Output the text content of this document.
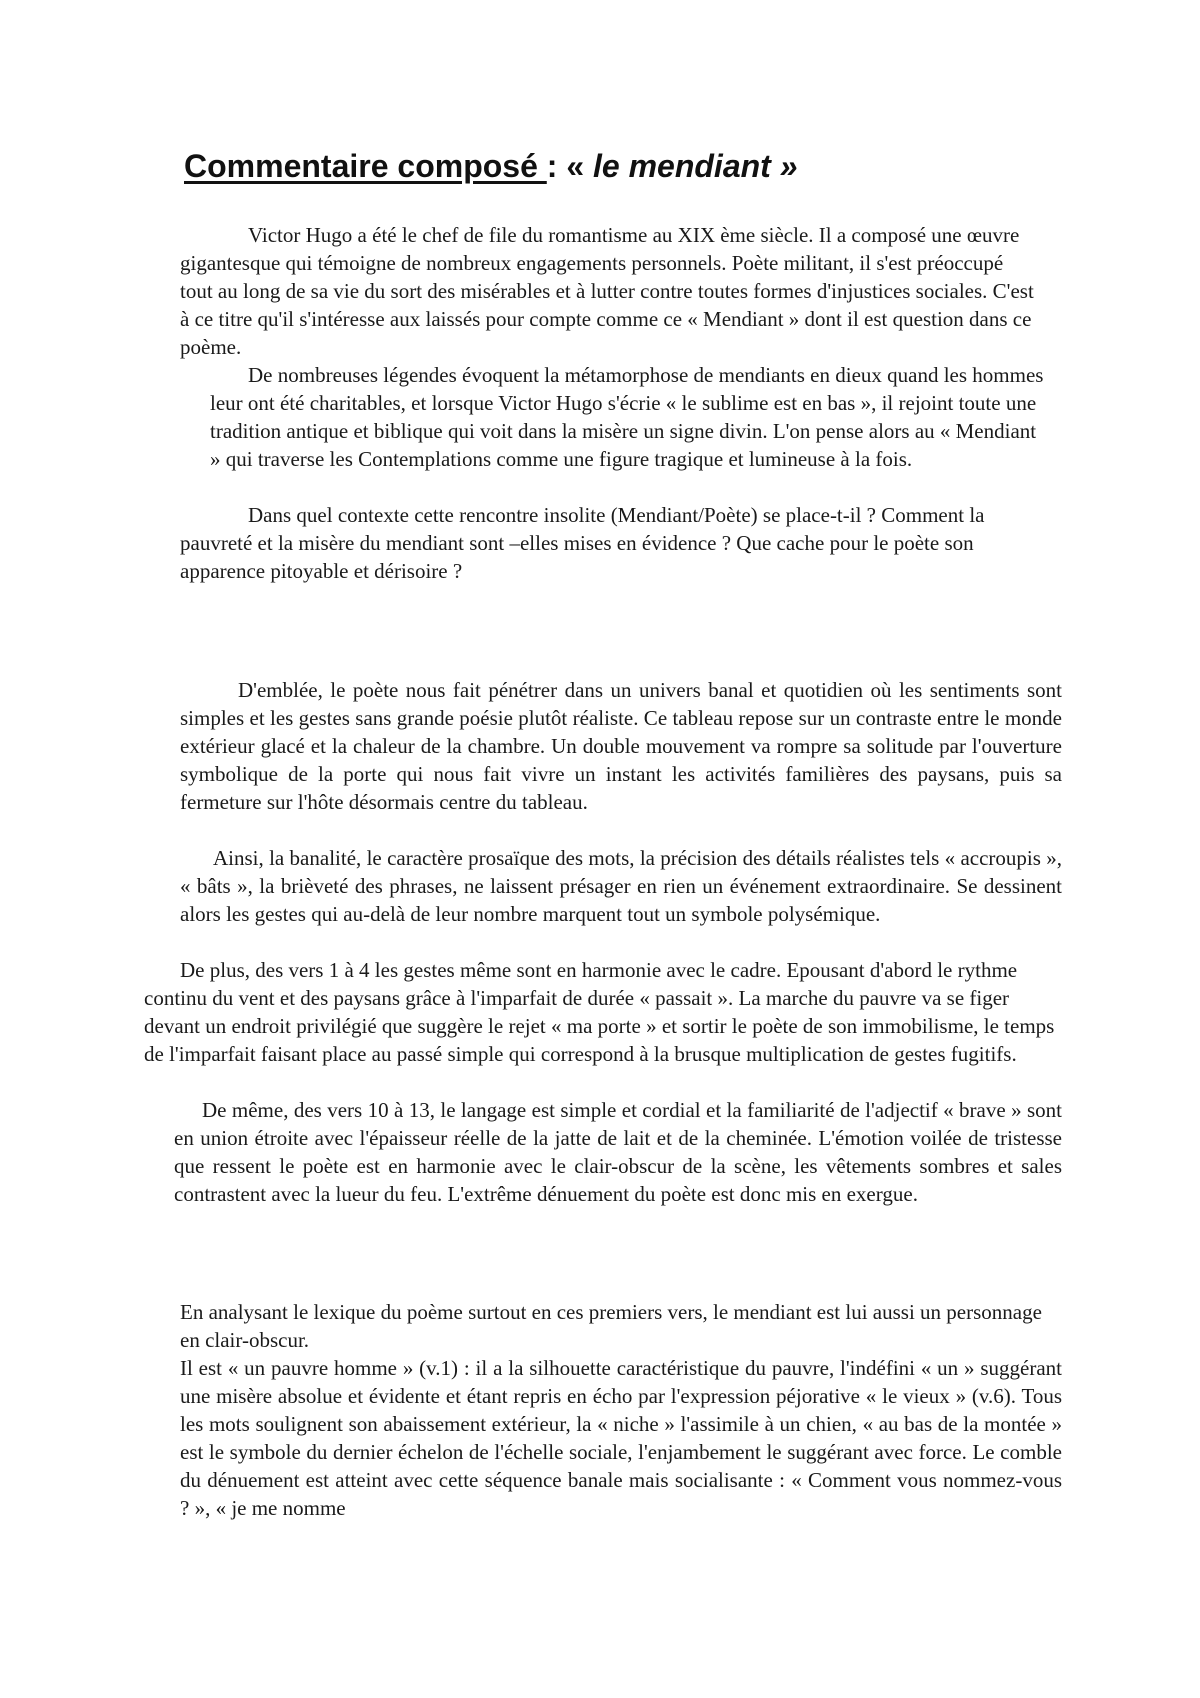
Commentaire composé : « le mendiant »

Victor Hugo a été le chef de file du romantisme au XIX ème siècle. Il a composé une œuvre gigantesque qui témoigne de nombreux engagements personnels. Poète militant, il s'est préoccupé tout au long de sa vie du sort des misérables et à lutter contre toutes formes d'injustices sociales. C'est à ce titre qu'il s'intéresse aux laissés pour compte comme ce « Mendiant » dont il est question dans ce poème.

De nombreuses légendes évoquent la métamorphose de mendiants en dieux quand les hommes leur ont été charitables, et lorsque Victor Hugo s'écrie « le sublime est en bas », il rejoint toute une tradition antique et biblique qui voit dans la misère un signe divin. L'on pense alors au « Mendiant » qui traverse les Contemplations comme une figure tragique et lumineuse à la fois.

Dans quel contexte cette rencontre insolite (Mendiant/Poète) se place-t-il ? Comment la pauvreté et la misère du mendiant sont –elles mises en évidence ? Que cache pour le poète son apparence pitoyable et dérisoire ?

D'emblée, le poète nous fait pénétrer dans un univers banal et quotidien où les sentiments sont simples et les gestes sans grande poésie plutôt réaliste. Ce tableau repose sur un contraste entre le monde extérieur glacé et la chaleur de la chambre. Un double mouvement va rompre sa solitude par l'ouverture symbolique de la porte qui nous fait vivre un instant les activités familières des paysans, puis sa fermeture sur l'hôte désormais centre du tableau.

Ainsi, la banalité, le caractère prosaïque des mots, la précision des détails réalistes tels « accroupis », « bâts », la brièveté des phrases, ne laissent présager en rien un événement extraordinaire. Se dessinent alors les gestes qui au-delà de leur nombre marquent tout un symbole polysémique.

De plus, des vers 1 à 4 les gestes même sont en harmonie avec le cadre. Epousant d'abord le rythme continu du vent et des paysans grâce à l'imparfait de durée « passait ». La marche du pauvre va se figer devant un endroit privilégié que suggère le rejet « ma porte » et sortir le poète de son immobilisme, le temps de l'imparfait faisant place au passé simple qui correspond à la brusque multiplication de gestes fugitifs.

De même, des vers 10 à 13, le langage est simple et cordial et la familiarité de l'adjectif « brave » sont en union étroite avec l'épaisseur réelle de la jatte de lait et de la cheminée. L'émotion voilée de tristesse que ressent le poète est en harmonie avec le clair-obscur de la scène, les vêtements sombres et sales contrastent avec la lueur du feu. L'extrême dénuement du poète est donc mis en exergue.

En analysant le lexique du poème surtout en ces premiers vers, le mendiant est lui aussi un personnage en clair-obscur.

Il est « un pauvre homme » (v.1) : il a la silhouette caractéristique du pauvre, l'indéfini « un » suggérant une misère absolue et évidente et étant repris en écho par l'expression péjorative « le vieux » (v.6). Tous les mots soulignent son abaissement extérieur, la « niche » l'assimile à un chien, « au bas de la montée » est le symbole du dernier échelon de l'échelle sociale, l'enjambement le suggérant avec force. Le comble du dénuement est atteint avec cette séquence banale mais socialisante : « Comment vous nommez-vous ? », « je me nomme
